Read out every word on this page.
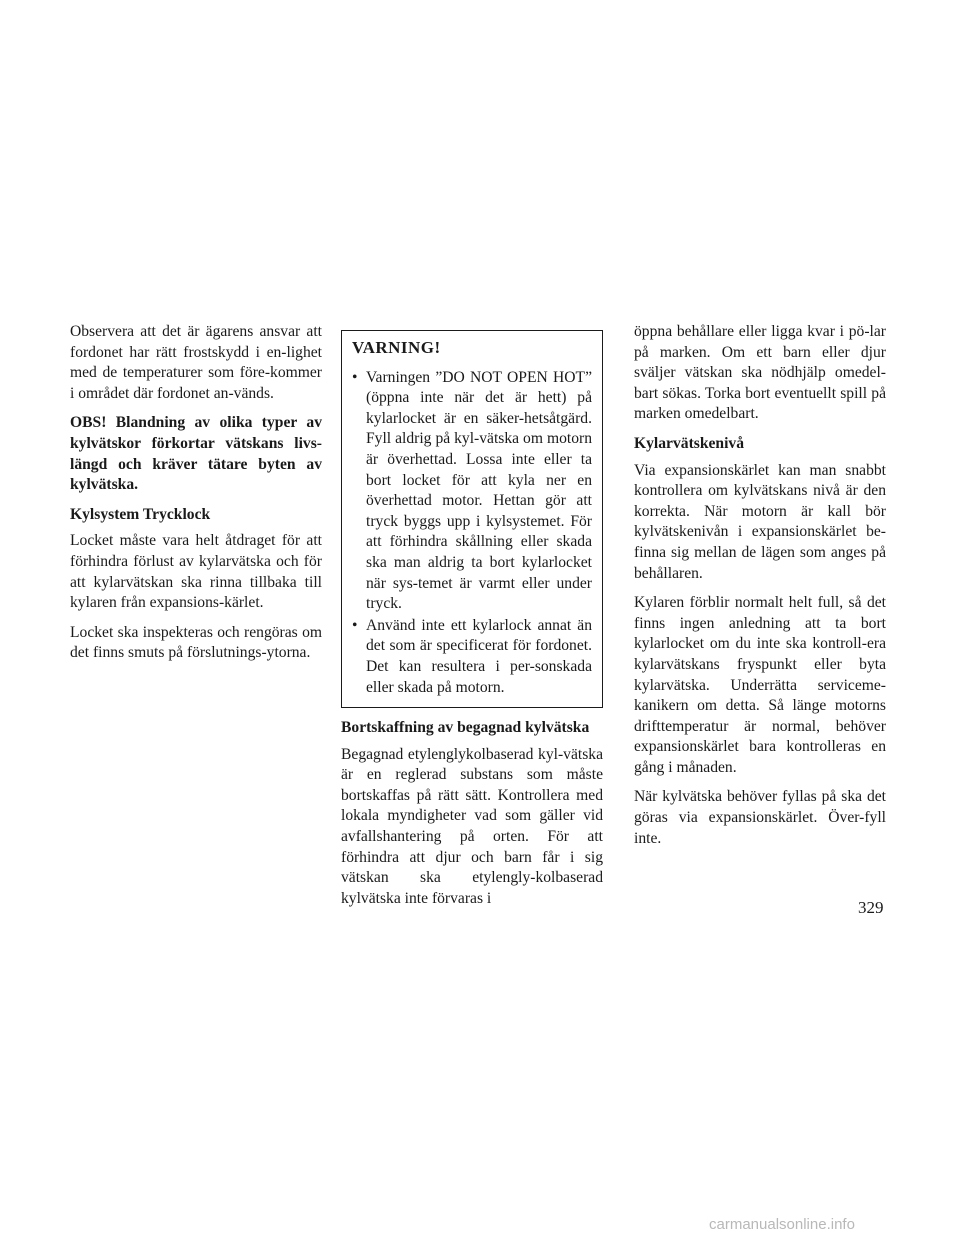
Observera att det är ägarens ansvar att fordonet har rätt frostskydd i en-lighet med de temperaturer som före-kommer i området där fordonet an-vänds.

OBS! Blandning av olika typer av kylvätskor förkortar vätskans livs-längd och kräver tätare byten av kylvätska.

Kylsystem Trycklock

Locket måste vara helt åtdraget för att förhindra förlust av kylarvätska och för att kylarvätskan ska rinna tillbaka till kylaren från expansions-kärlet.

Locket ska inspekteras och rengöras om det finns smuts på förslutnings-ytorna.

VARNING!

• Varningen ”DO NOT OPEN HOT” (öppna inte när det är hett) på kylarlocket är en säker-hetsåtgärd. Fyll aldrig på kyl-vätska om motorn är överhettad. Lossa inte eller ta bort locket för att kyla ner en överhettad motor. Hettan gör att tryck byggs upp i kylsystemet. För att förhindra skållning eller skada ska man aldrig ta bort kylarlocket när sys-temet är varmt eller under tryck.
• Använd inte ett kylarlock annat än det som är specificerat för fordonet. Det kan resultera i per-sonskada eller skada på motorn.

Bortskaffning av begagnad kylvätska

Begagnad etylenglykolbaserad kyl-vätska är en reglerad substans som måste bortskaffas på rätt sätt. Kontrollera med lokala myndigheter vad som gäller vid avfallshantering på orten. För att förhindra att djur och barn får i sig vätskan ska etylengly-kolbaserad kylvätska inte förvaras i

öppna behållare eller ligga kvar i pö-lar på marken. Om ett barn eller djur sväljer vätskan ska nödhjälp omedel-bart sökas. Torka bort eventuellt spill på marken omedelbart.

Kylarvätskenivå

Via expansionskärlet kan man snabbt kontrollera om kylvätskans nivå är den korrekta. När motorn är kall bör kylvätskenivån i expansionskärlet be-finna sig mellan de lägen som anges på behållaren.

Kylaren förblir normalt helt full, så det finns ingen anledning att ta bort kylarlocket om du inte ska kontroll-era kylarvätskans fryspunkt eller byta kylarvätska. Underrätta serviceme-kanikern om detta. Så länge motorns drifttemperatur är normal, behöver expansionskärlet bara kontrolleras en gång i månaden.

När kylvätska behöver fyllas på ska det göras via expansionskärlet. Över-fyll inte.

329
carmanualsonline.info
